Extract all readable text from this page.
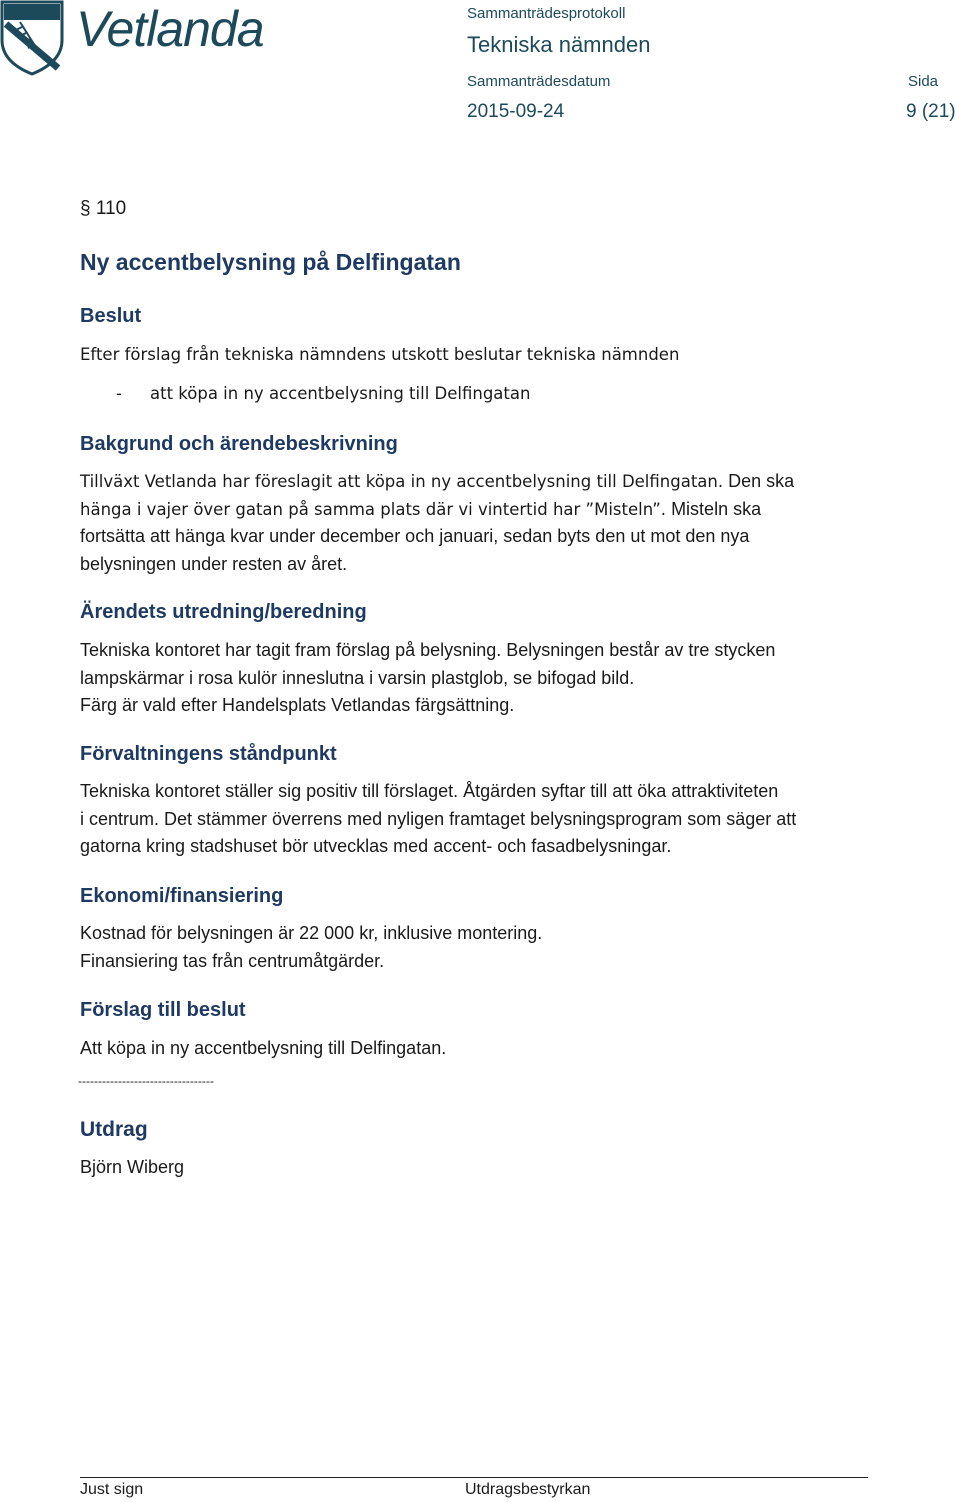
Vetlanda	Sammanträdesprotokoll
Tekniska nämnden
Sammanträdesdatum
2015-09-24
Sida
9 (21)
§ 110
Ny accentbelysning på Delfingatan
Beslut
Efter förslag från tekniska nämndens utskott beslutar tekniska nämnden
- att köpa in ny accentbelysning till Delfingatan
Bakgrund och ärendebeskrivning
Tillväxt Vetlanda har föreslagit att köpa in ny accentbelysning till Delfingatan. Den ska
hänga i vajer över gatan på samma plats där vi vintertid har ”Misteln”. Misteln ska
fortsätta att hänga kvar under december och januari, sedan byts den ut mot den nya
belysningen under resten av året.
Ärendets utredning/beredning
Tekniska kontoret har tagit fram förslag på belysning. Belysningen består av tre stycken
lampskärmar i rosa kulör inneslutna i varsin plastglob, se bifogad bild.
Färg är vald efter Handelsplats Vetlandas färgsättning.
Förvaltningens ståndpunkt
Tekniska kontoret ställer sig positiv till förslaget. Åtgärden syftar till att öka attraktiviteten
i centrum. Det stämmer överrens med nyligen framtaget belysningsprogram som säger att
gatorna kring stadshuset bör utvecklas med accent- och fasadbelysningar.
Ekonomi/finansiering
Kostnad för belysningen är 22 000 kr, inklusive montering.
Finansiering tas från centrumåtgärder.
Förslag till beslut
Att köpa in ny accentbelysning till Delfingatan.
----------------------------------
Utdrag
Björn Wiberg
Just sign	Utdragsbestyrkan
